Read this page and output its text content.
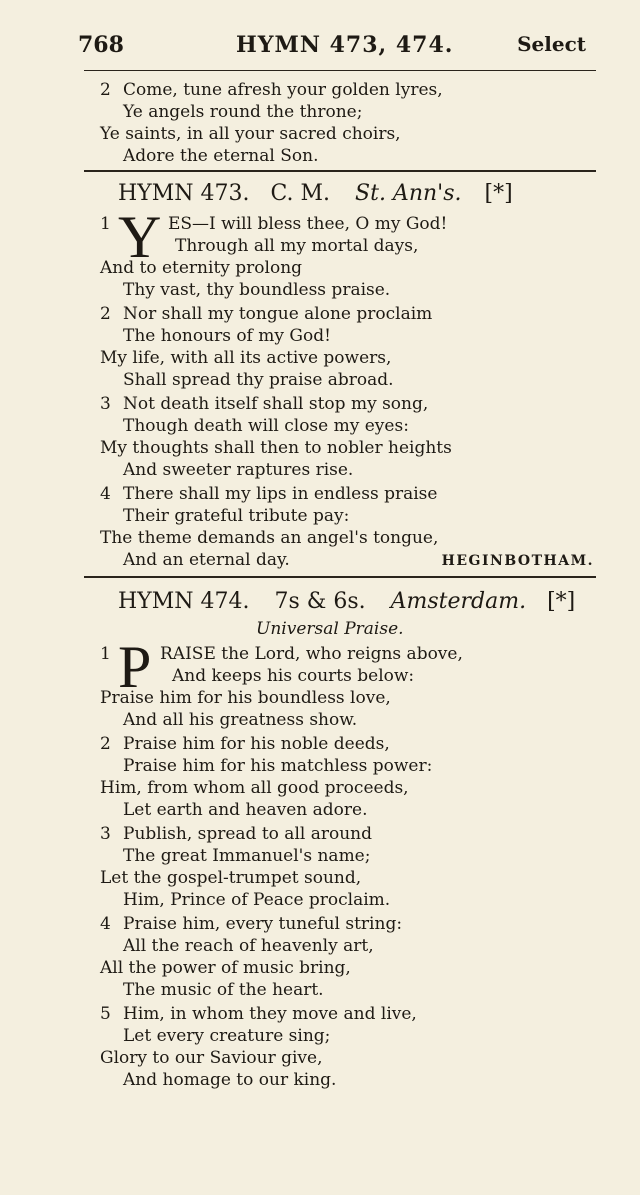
768	HYMN 473, 474.	Select
2 Come, tune afresh your golden lyres,
Ye angels round the throne;
Ye saints, in all your sacred choirs,
Adore the eternal Son.
HYMN 473. C. M. St. Ann's. [*]
1 Y ES—I will bless thee, O my God!
Through all my mortal days,
And to eternity prolong
Thy vast, thy boundless praise.
2 Nor shall my tongue alone proclaim
The honours of my God!
My life, with all its active powers,
Shall spread thy praise abroad.
3 Not death itself shall stop my song,
Though death will close my eyes:
My thoughts shall then to nobler heights
And sweeter raptures rise.
4 There shall my lips in endless praise
Their grateful tribute pay:
The theme demands an angel's tongue,
And an eternal day.	HEGINBOTHAM.
HYMN 474. 7s & 6s. Amsterdam. [*]
Universal Praise.
1 P RAISE the Lord, who reigns above,
And keeps his courts below:
Praise him for his boundless love,
And all his greatness show.
2 Praise him for his noble deeds,
Praise him for his matchless power:
Him, from whom all good proceeds,
Let earth and heaven adore.
3 Publish, spread to all around
The great Immanuel's name;
Let the gospel-trumpet sound,
Him, Prince of Peace proclaim.
4 Praise him, every tuneful string:
All the reach of heavenly art,
All the power of music bring,
The music of the heart.
5 Him, in whom they move and live,
Let every creature sing;
Glory to our Saviour give,
And homage to our king.
